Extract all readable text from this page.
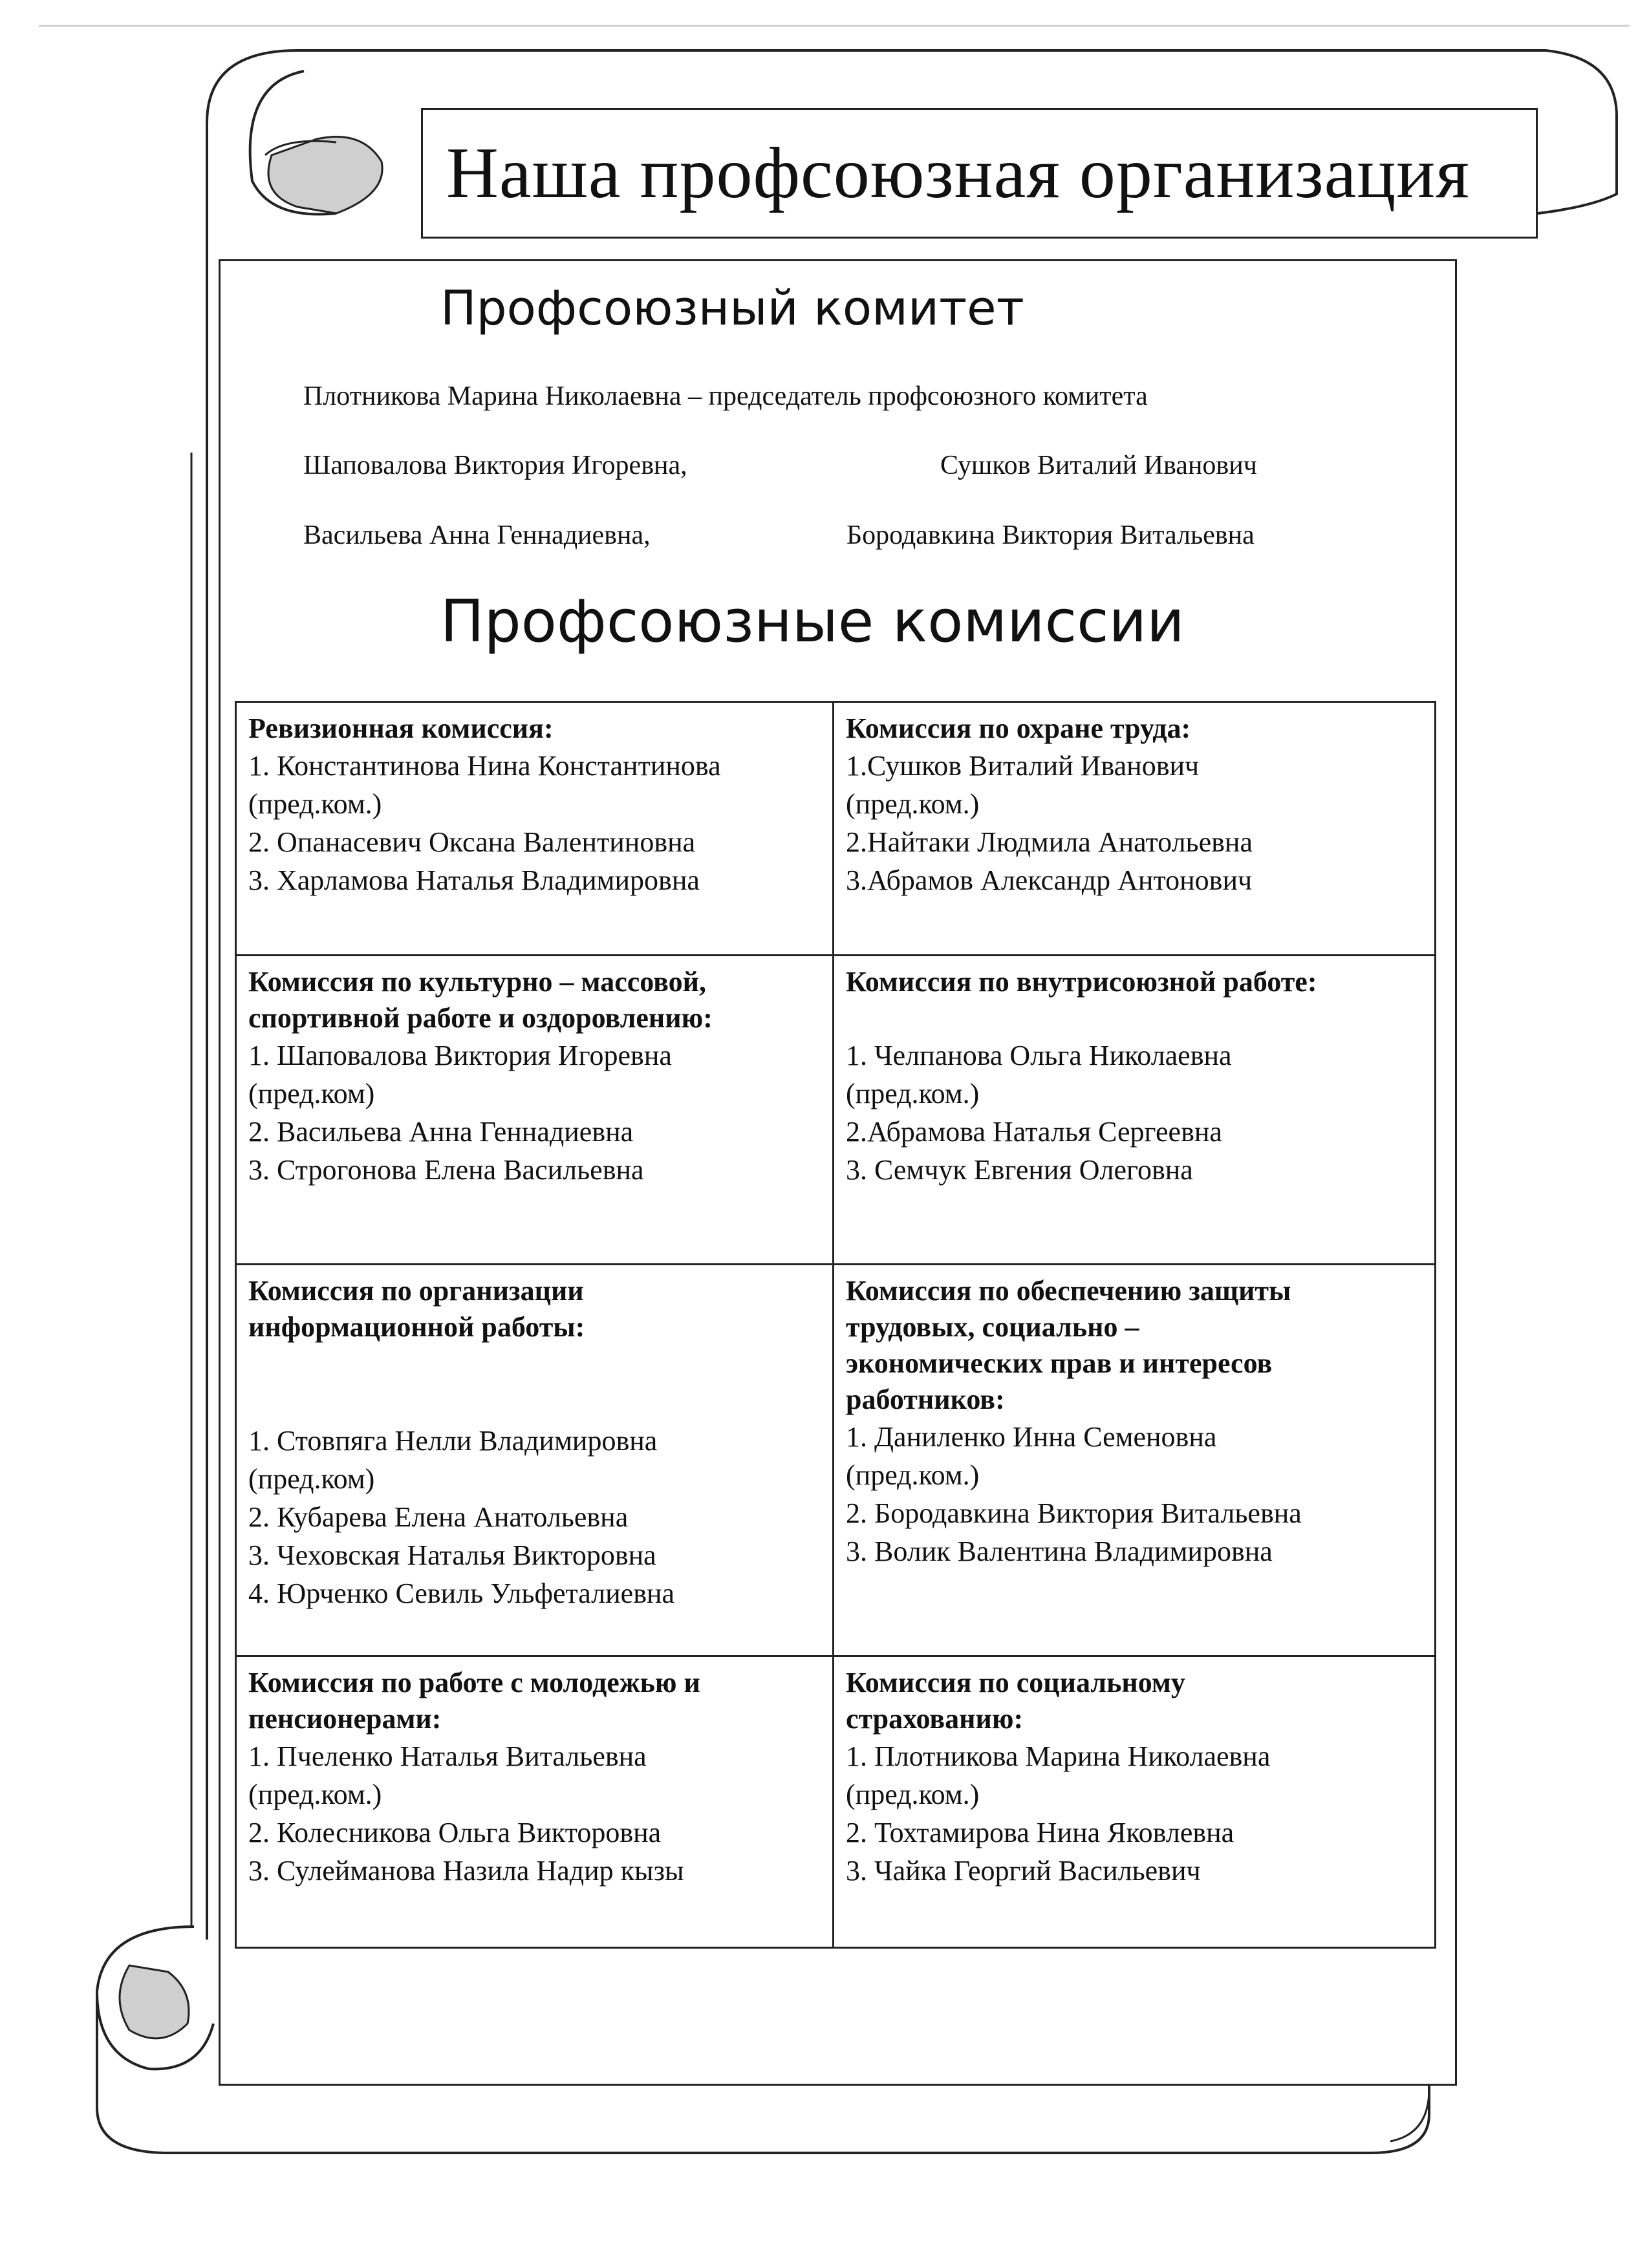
Наша профсоюзная организация
Профсоюзный комитет
Плотникова Марина Николаевна – председатель профсоюзного комитета
Шаповалова Виктория Игоревна,	Сушков Виталий Иванович
Васильева Анна Геннадиевна,	Бородавкина Виктория Витальевна
Профсоюзные комиссии

Ревизионная комиссия:

1. Константинова Нина Константинова
(пред.ком.)
2. Опанасевич Оксана Валентиновна
3. Харламова Наталья Владимировна

Комиссия по охране труда:

1.Сушков Виталий Иванович
(пред.ком.)
2.Найтаки Людмила Анатольевна
3.Абрамов Александр Антонович

Комиссия по культурно – массовой,
спортивной работе и оздоровлению:

1. Шаповалова Виктория Игоревна
(пред.ком)
2. Васильева Анна Геннадиевна
3. Строгонова Елена Васильевна

Комиссия по внутрисоюзной работе:

1. Челпанова Ольга Николаевна
(пред.ком.)
2.Абрамова Наталья Сергеевна
3. Семчук Евгения Олеговна

Комиссия по организации
информационной работы:

1. Стовпяга Нелли Владимировна
(пред.ком)
2. Кубарева Елена Анатольевна
3. Чеховская Наталья Викторовна
4. Юрченко Севиль Ульфеталиевна

Комиссия по обеспечению защиты
трудовых, социально –
экономических прав и интересов
работников:

1. Даниленко Инна Семеновна
(пред.ком.)
2. Бородавкина Виктория Витальевна
3. Волик Валентина Владимировна

Комиссия по работе с молодежью и
пенсионерами:

1. Пчеленко Наталья Витальевна
(пред.ком.)
2. Колесникова Ольга Викторовна
3. Сулейманова Назила Надир кызы

Комиссия по социальному
страхованию:

1. Плотникова Марина Николаевна
(пред.ком.)
2. Тохтамирова Нина Яковлевна
3. Чайка Георгий Васильевич
